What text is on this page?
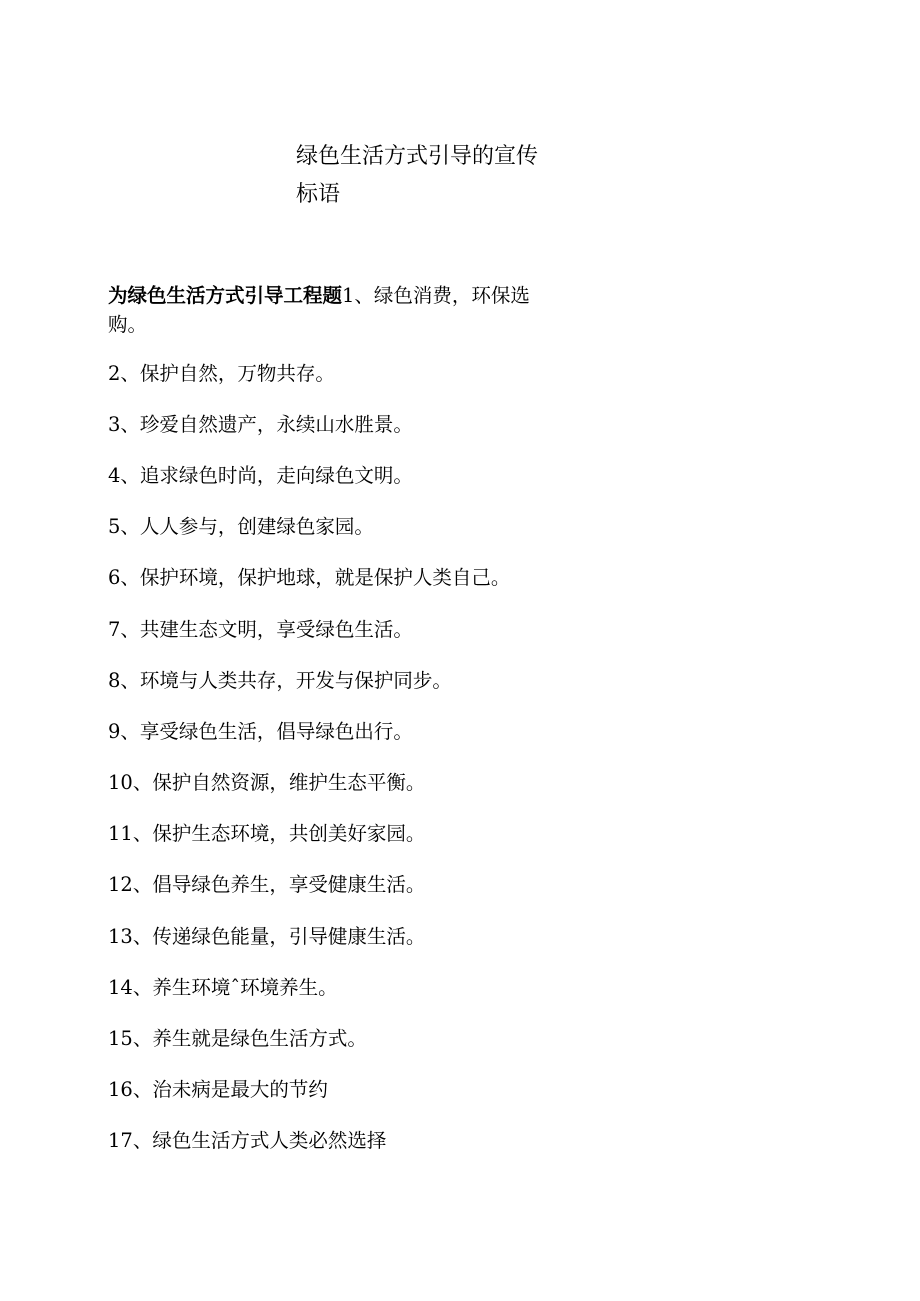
绿色生活方式引导的宣传
标语

为绿色生活方式引导工程题1、绿色消费，环保选购。

2、保护自然，万物共存。

3、珍爱自然遗产，永续山水胜景。

4、追求绿色时尚，走向绿色文明。

5、人人参与，创建绿色家园。

6、保护环境，保护地球，就是保护人类自己。

7、共建生态文明，享受绿色生活。

8、环境与人类共存，开发与保护同步。

9、享受绿色生活，倡导绿色出行。

10、保护自然资源，维护生态平衡。

11、保护生态环境，共创美好家园。

12、倡导绿色养生，享受健康生活。

13、传递绿色能量，引导健康生活。

14、养生环境ˆ环境养生。

15、养生就是绿色生活方式。

16、治未病是最大的节约

17、绿色生活方式人类必然选择
